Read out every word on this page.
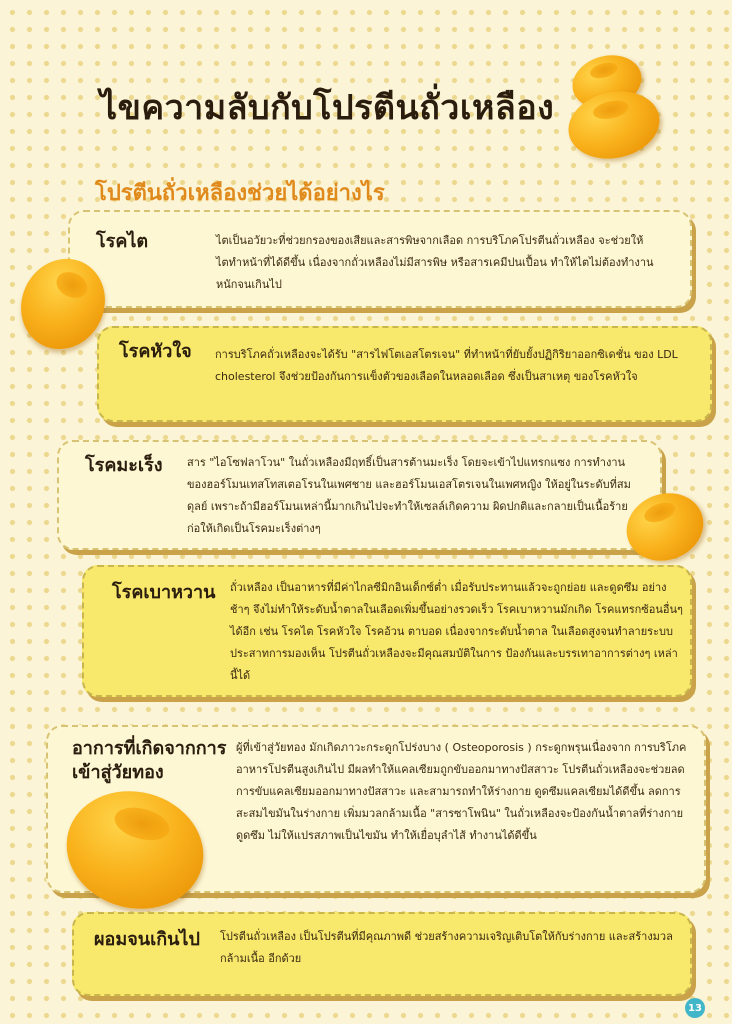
ไขความลับกับโปรตีนถั่วเหลือง
โปรตีนถั่วเหลืองช่วยได้อย่างไร
โรคไต	ไตเป็นอวัยวะที่ช่วยกรองของเสียและสารพิษจากเลือด การบริโภคโปรตีนถั่วเหลือง จะช่วยให้ไตทำหน้าที่ได้ดีขึ้น เนื่องจากถั่วเหลืองไม่มีสารพิษ หรือสารเคมีปนเปื้อน ทำให้ไตไม่ต้องทำงานหนักจนเกินไป
โรคหัวใจ การบริโภคถั่วเหลืองจะได้รับ "สารไฟโตเอสโตรเจน" ที่ทำหน้าที่ยับยั้งปฏิกิริยาออกซิเดชั่น ของ LDL cholesterol จึงช่วยป้องกันการแข็งตัวของเลือดในหลอดเลือด ซึ่งเป็นสาเหตุ ของโรคหัวใจ
โรคมะเร็ง สาร "ไอโซฟลาโวน" ในถั่วเหลืองมีฤทธิ์เป็นสารต้านมะเร็ง โดยจะเข้าไปแทรกแซง การทำงานของฮอร์โมนเทสโทสเตอโรนในเพศชาย และฮอร์โมนเอสโตรเจนในเพศหญิง ให้อยู่ในระดับที่สมดุลย์ เพราะถ้ามีฮอร์โมนเหล่านี้มากเกินไปจะทำให้เซลล์เกิดความ ผิดปกติและกลายเป็นเนื้อร้าย ก่อให้เกิดเป็นโรคมะเร็งต่างๆ
โรคเบาหวาน ถั่วเหลือง เป็นอาหารที่มีค่าไกลซีมิกอินเด็กซ์ต่ำ เมื่อรับประทานแล้วจะถูกย่อย และดูดซึม อย่างช้าๆ จึงไม่ทำให้ระดับน้ำตาลในเลือดเพิ่มขึ้นอย่างรวดเร็ว โรคเบาหวานมักเกิด โรคแทรกซ้อนอื่นๆได้อีก เช่น โรคไต โรคหัวใจ โรคอ้วน ตาบอด เนื่องจากระดับน้ำตาล ในเลือดสูงจนทำลายระบบประสาทการมองเห็น โปรตีนถั่วเหลืองจะมีคุณสมบัติในการ ป้องกันและบรรเทาอาการต่างๆ เหล่านี้ได้
อาการที่เกิดจากการเข้าสู่วัยทอง
ผู้ที่เข้าสู่วัยทอง มักเกิดภาวะกระดูกโปร่งบาง ( Osteoporosis ) กระดูกพรุนเนื่องจาก การบริโภคอาหารโปรตีนสูงเกินไป มีผลทำให้แคลเซียมถูกขับออกมาทางปัสสาวะ โปรตีนถั่วเหลืองจะช่วยลดการขับแคลเซียมออกมาทางปัสสาวะ และสามารถทำให้ร่างกาย ดูดซึมแคลเซียมได้ดีขึ้น ลดการสะสมไขมันในร่างกาย เพิ่มมวลกล้ามเนื้อ "สารซาโพนิน" ในถั่วเหลืองจะป้องกันน้ำตาลที่ร่างกายดูดซึม ไม่ให้แปรสภาพเป็นไขมัน ทำให้เยื่อบุลำไส้ ทำงานได้ดีขึ้น
ผอมจนเกินไป โปรตีนถั่วเหลือง เป็นโปรตีนที่มีคุณภาพดี ช่วยสร้างความเจริญเติบโตให้กับร่างกาย และสร้างมวลกล้ามเนื้อ อีกด้วย
13
